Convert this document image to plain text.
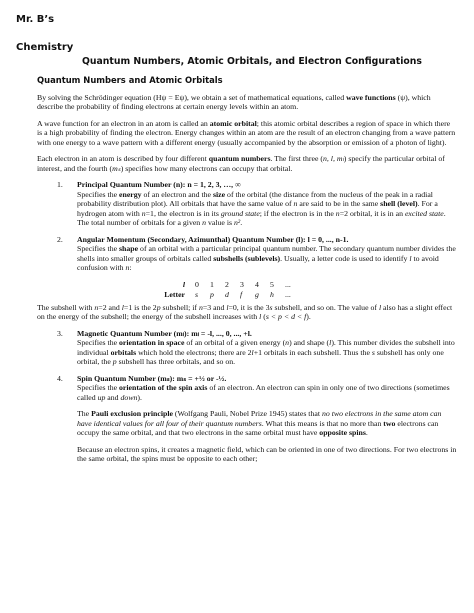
Mr. B’s
Chemistry
Quantum Numbers, Atomic Orbitals, and Electron Configurations
Quantum Numbers and Atomic Orbitals

By solving the Schrödinger equation (Hψ = Eψ), we obtain a set of mathematical equations, called wave functions (ψ), which describe the probability of finding electrons at certain energy levels within an atom.

A wave function for an electron in an atom is called an atomic orbital; this atomic orbital describes a region of space in which there is a high probability of finding the electron. Energy changes within an atom are the result of an electron changing from a wave pattern with one energy to a wave pattern with a different energy (usually accompanied by the absorption or emission of a photon of light).

Each electron in an atom is described by four different quantum numbers. The first three (n, l, mₗ) specify the particular orbital of interest, and the fourth (mₛ) specifies how many electrons can occupy that orbital.

1. Principal Quantum Number (n): n = 1, 2, 3, …, ∞
Specifies the energy of an electron and the size of the orbital (the distance from the nucleus of the peak in a radial probability distribution plot). All orbitals that have the same value of n are said to be in the same shell (level). For a hydrogen atom with n=1, the electron is in its ground state; if the electron is in the n=2 orbital, it is in an excited state. The total number of orbitals for a given n value is n².
2. Angular Momentum (Secondary, Azimunthal) Quantum Number (l): l = 0, ..., n-1.
Specifies the shape of an orbital with a particular principal quantum number. The secondary quantum number divides the shells into smaller groups of orbitals called subshells (sublevels). Usually, a letter code is used to identify l to avoid confusion with n:
l 0	1	2	3	4	5	...
Letter s	p	d	f	g	h	...

The subshell with n=2 and l=1 is the 2p subshell; if n=3 and l=0, it is the 3s subshell, and so on. The value of l also has a slight effect on the energy of the subshell; the energy of the subshell increases with l (s < p < d < f).

3. Magnetic Quantum Number (mₗ): mₗ = -l, ..., 0, ..., +l.
Specifies the orientation in space of an orbital of a given energy (n) and shape (l). This number divides the subshell into individual orbitals which hold the electrons; there are 2l+1 orbitals in each subshell. Thus the s subshell has only one orbital, the p subshell has three orbitals, and so on.
4. Spin Quantum Number (mₛ): mₛ = +½ or -½.
Specifies the orientation of the spin axis of an electron. An electron can spin in only one of two directions (sometimes called up and down).
The Pauli exclusion principle (Wolfgang Pauli, Nobel Prize 1945) states that no two electrons in the same atom can have identical values for all four of their quantum numbers. What this means is that no more than two electrons can occupy the same orbital, and that two electrons in the same orbital must have opposite spins.
Because an electron spins, it creates a magnetic field, which can be oriented in one of two directions. For two electrons in the same orbital, the spins must be opposite to each other;
